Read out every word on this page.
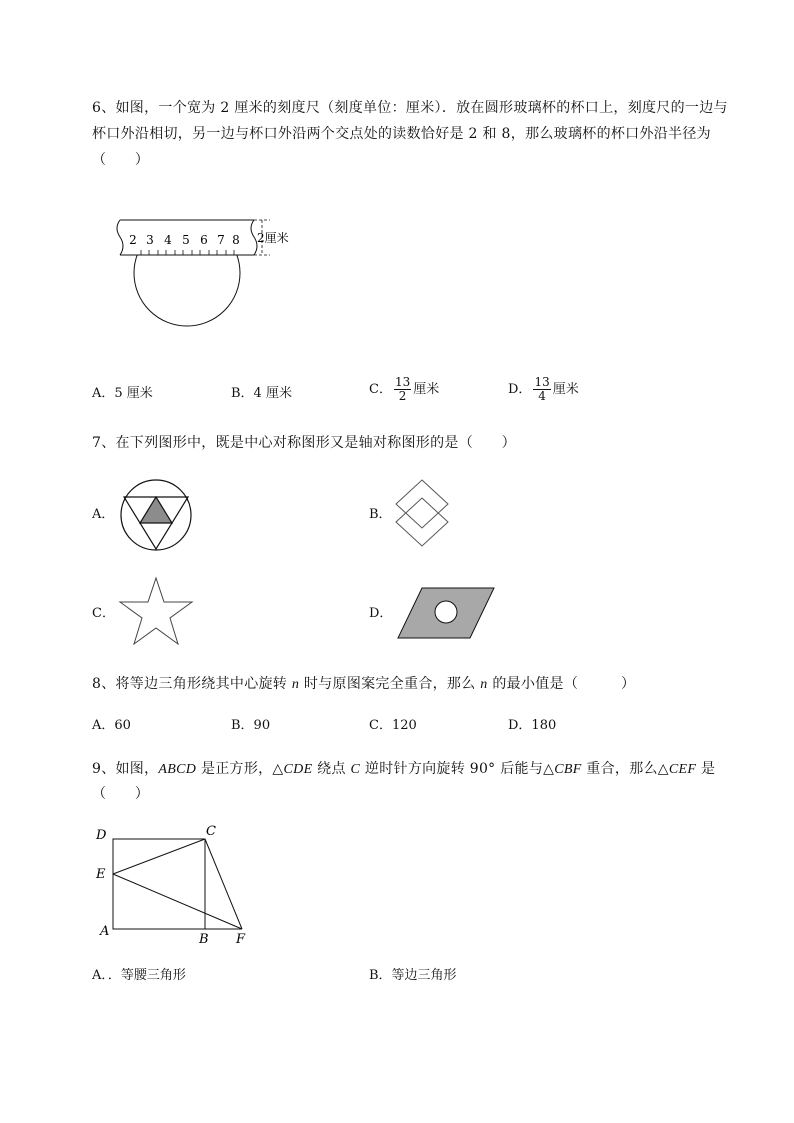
6、如图，一个宽为 2 厘米的刻度尺（刻度单位：厘米）．放在圆形玻璃杯的杯口上，刻度尺的一边与
杯口外沿相切，另一边与杯口外沿两个交点处的读数恰好是 2 和 8，那么玻璃杯的杯口外沿半径为
（　　）
2 3 4 5 6 7 8 2厘米
A．5 厘米	B．4 厘米	C． $\frac{13}{2}$ 厘米	D． $\frac{13}{4}$ 厘米
7、在下列图形中，既是中心对称图形又是轴对称图形的是（　　）
A．	B．
C．	D．
8、将等边三角形绕其中心旋转 n 时与原图案完全重合，那么 n 的最小值是（　　　）
A．60	B．90	C．120	D．180
9、如图，ABCD 是正方形，△CDE 绕点 C 逆时针方向旋转 90° 后能与△CBF 重合，那么△CEF 是
（　　）
D	C
E
A
B F
A．．等腰三角形	B．等边三角形
